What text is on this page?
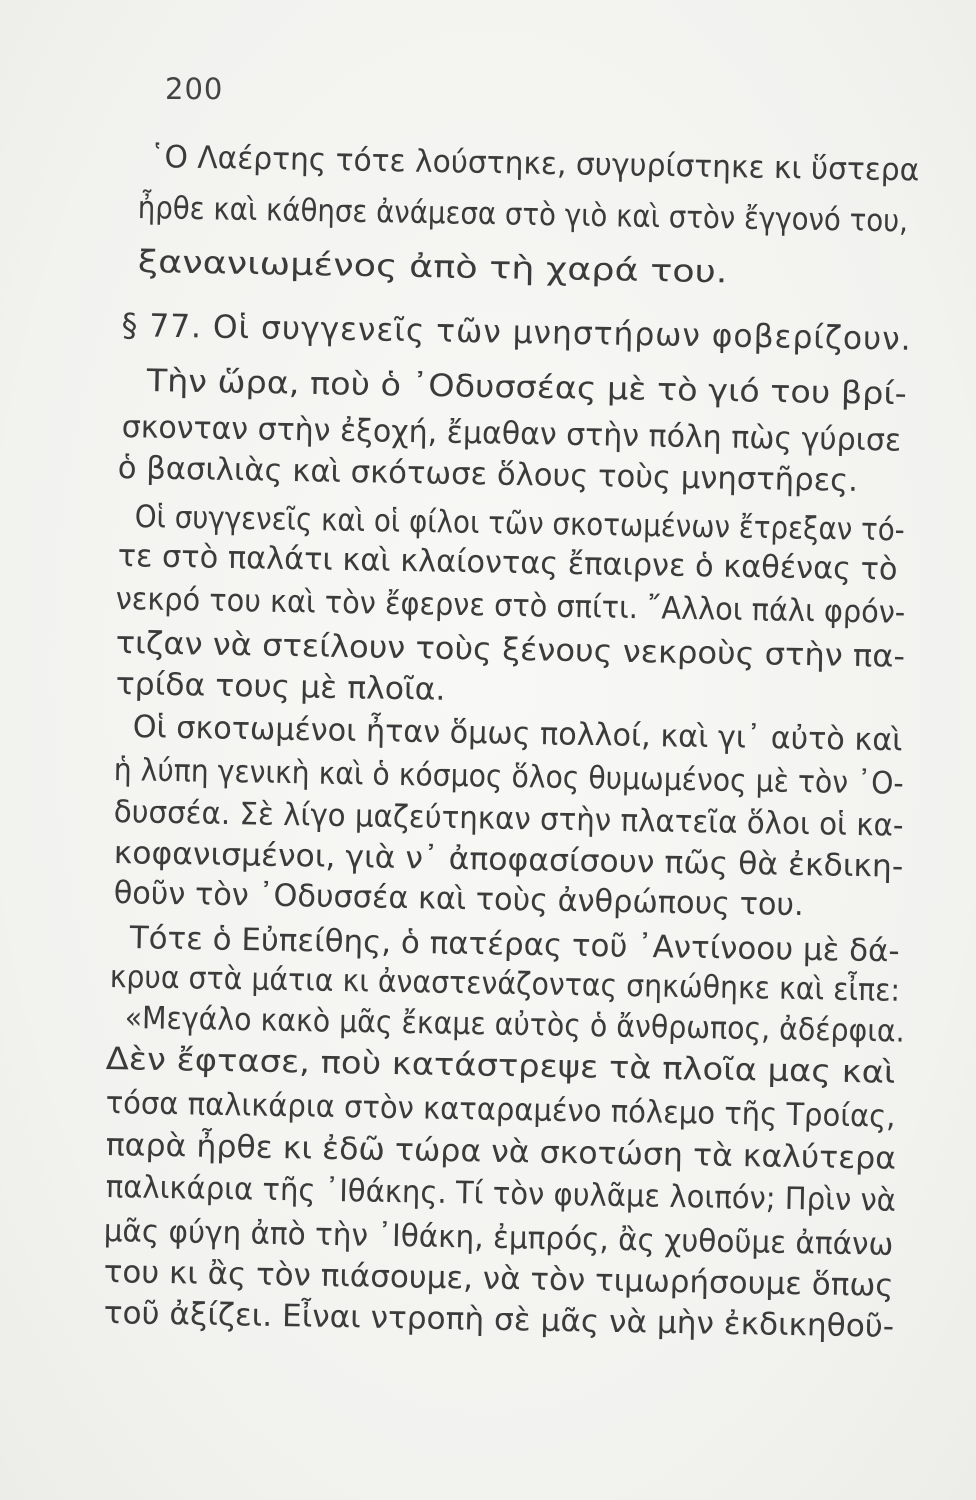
200
῾Ο Λαέρτης τότε λούστηκε, συγυρίστηκε κι ὕστερα
ἦρθε καὶ κάθησε ἀνάμεσα στὸ γιὸ καὶ στὸν ἔγγονό του,
ξανανιωμένος ἀπὸ τὴ χαρά του.
§ 77. Οἱ συγγενεῖς τῶν μνηστήρων φοβερίζουν.
Τὴν ὥρα, ποὺ ὁ ᾿Οδυσσέας μὲ τὸ γιό του βρί-
σκονταν στὴν ἐξοχή, ἔμαθαν στὴν πόλη πὼς γύρισε
ὁ βασιλιὰς καὶ σκότωσε ὅλους τοὺς μνηστῆρες.
Οἱ συγγενεῖς καὶ οἱ φίλοι τῶν σκοτωμένων ἔτρεξαν τό-
τε στὸ παλάτι καὶ κλαίοντας ἔπαιρνε ὁ καθένας τὸ
νεκρό του καὶ τὸν ἔφερνε στὸ σπίτι. ῎Αλλοι πάλι φρόν-
τιζαν νὰ στείλουν τοὺς ξένους νεκροὺς στὴν πα-
τρίδα τους μὲ πλοῖα.
Οἱ σκοτωμένοι ἦταν ὅμως πολλοί, καὶ γι᾿ αὐτὸ καὶ
ἡ λύπη γενικὴ καὶ ὁ κόσμος ὅλος θυμωμένος μὲ τὸν ᾿Ο-
δυσσέα. Σὲ λίγο μαζεύτηκαν στὴν πλατεῖα ὅλοι οἱ κα-
κοφανισμένοι, γιὰ ν᾿ ἀποφασίσουν πῶς θὰ ἐκδικη-
θοῦν τὸν ᾿Οδυσσέα καὶ τοὺς ἀνθρώπους του.
Τότε ὁ Εὐπείθης, ὁ πατέρας τοῦ ᾿Αντίνοου μὲ δά-
κρυα στὰ μάτια κι ἀναστενάζοντας σηκώθηκε καὶ εἶπε:
«Μεγάλο κακὸ μᾶς ἔκαμε αὐτὸς ὁ ἄνθρωπος, ἀδέρφια.
Δὲν ἔφτασε, ποὺ κατάστρεψε τὰ πλοῖα μας καὶ
τόσα παλικάρια στὸν καταραμένο πόλεμο τῆς Τροίας,
παρὰ ἦρθε κι ἐδῶ τώρα νὰ σκοτώση τὰ καλύτερα
παλικάρια τῆς ᾿Ιθάκης. Τί τὸν φυλᾶμε λοιπόν; Πρὶν νὰ
μᾶς φύγη ἀπὸ τὴν ᾿Ιθάκη, ἐμπρός, ἂς χυθοῦμε ἀπάνω
του κι ἂς τὸν πιάσουμε, νὰ τὸν τιμωρήσουμε ὅπως
τοῦ ἀξίζει. Εἶναι ντροπὴ σὲ μᾶς νὰ μὴν ἐκδικηθοῦ-
